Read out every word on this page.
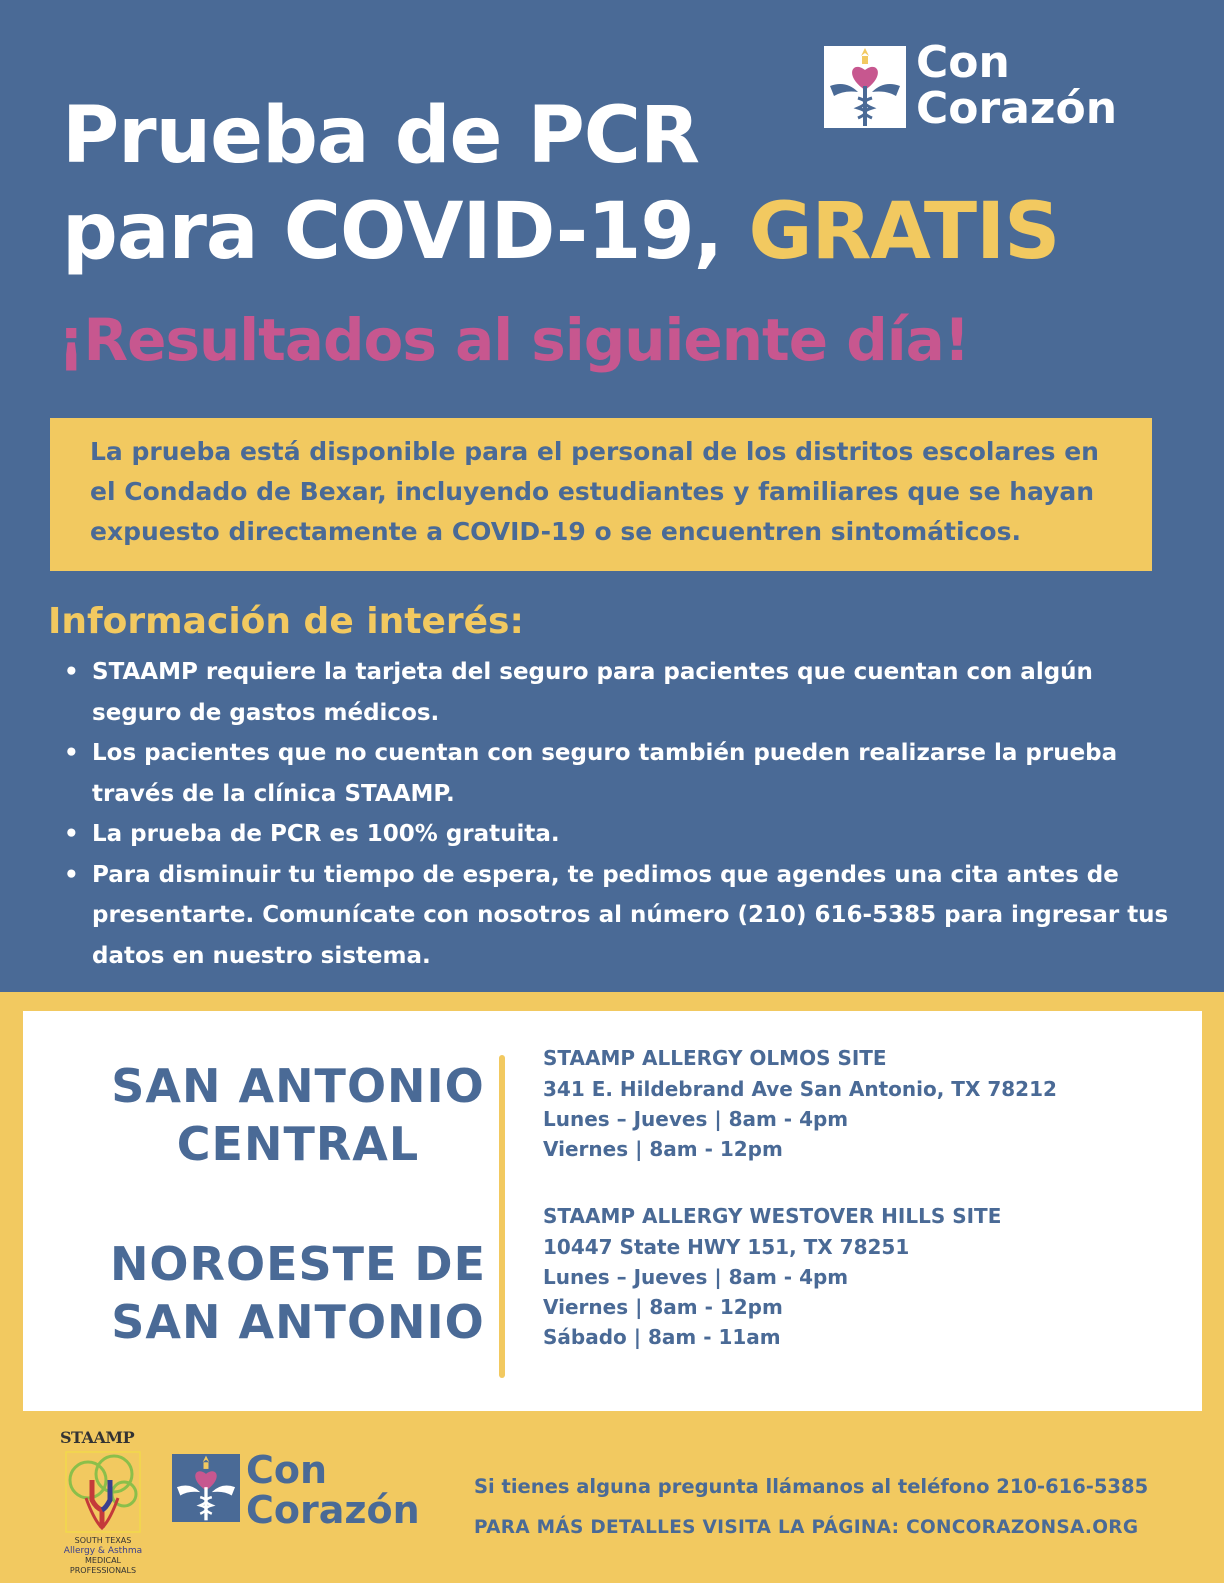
Con
Corazón
Prueba de PCR
para COVID-19, GRATIS
¡Resultados al siguiente día!
La prueba está disponible para el personal de los distritos escolares en el Condado de Bexar, incluyendo estudiantes y familiares que se hayan expuesto directamente a COVID-19 o se encuentren sintomáticos.
Información de interés:
• STAAMP requiere la tarjeta del seguro para pacientes que cuentan con algún seguro de gastos médicos.
• Los pacientes que no cuentan con seguro también pueden realizarse la prueba través de la clínica STAAMP.
• La prueba de PCR es 100% gratuita.
• Para disminuir tu tiempo de espera, te pedimos que agendes una cita antes de presentarte. Comunícate con nosotros al número (210) 616-5385 para ingresar tus datos en nuestro sistema.
SAN ANTONIO
CENTRAL
NOROESTE DE
SAN ANTONIO
STAAMP ALLERGY OLMOS SITE
341 E. Hildebrand Ave San Antonio, TX 78212
Lunes – Jueves | 8am - 4pm
Viernes | 8am - 12pm
STAAMP ALLERGY WESTOVER HILLS SITE
10447 State HWY 151, TX 78251
Lunes – Jueves | 8am - 4pm
Viernes | 8am - 12pm
Sábado | 8am - 11am
STAAMP
SOUTH TEXAS
Allergy & Asthma
MEDICAL PROFESSIONALS
Con
Corazón
Si tienes alguna pregunta llámanos al teléfono 210-616-5385
PARA MÁS DETALLES VISITA LA PÁGINA: CONCORAZONSA.ORG
